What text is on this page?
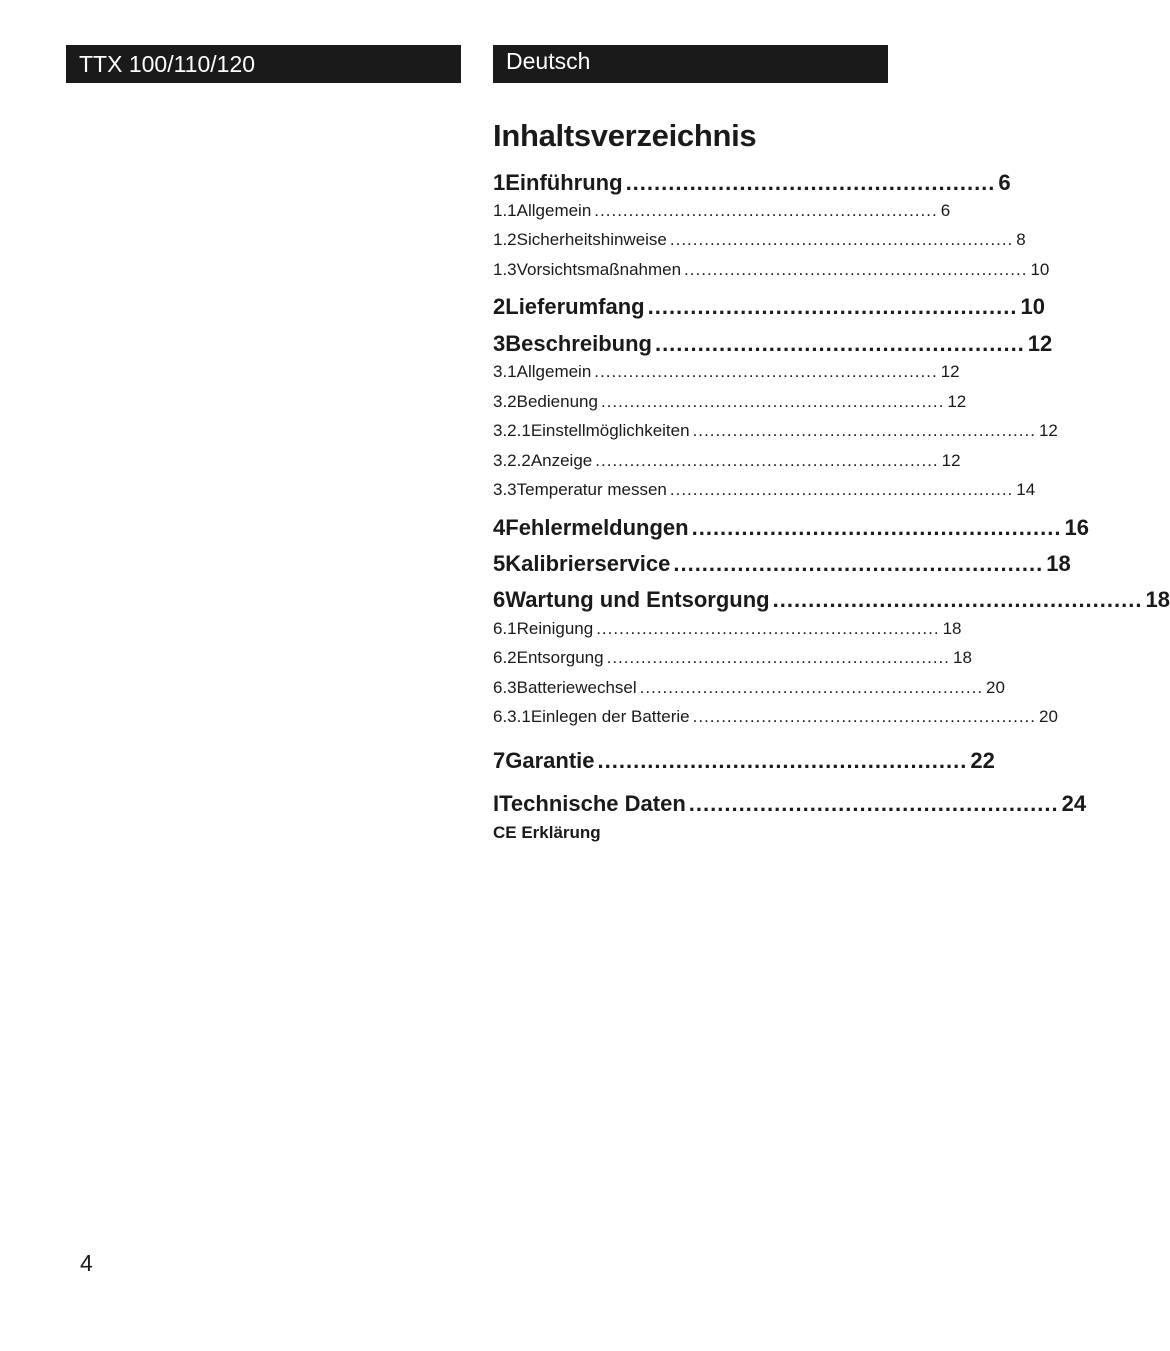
TTX 100/110/120	Deutsch
Inhaltsverzeichnis
1 Einführung .................................................... 6
1.1 Allgemein ............................................................ 6
1.2 Sicherheitshinweise ............................................................ 8
1.3 Vorsichtsmaßnahmen ............................................................ 10
2 Lieferumfang .................................................... 10
3 Beschreibung .................................................... 12
3.1 Allgemein ............................................................ 12
3.2 Bedienung ............................................................ 12
3.2.1 Einstellmöglichkeiten ............................................................ 12
3.2.2 Anzeige ............................................................ 12
3.3 Temperatur messen ............................................................ 14
4 Fehlermeldungen .................................................... 16
5 Kalibrierservice .................................................... 18
6 Wartung und Entsorgung .................................................... 18
6.1 Reinigung ............................................................ 18
6.2 Entsorgung ............................................................ 18
6.3 Batteriewechsel ............................................................ 20
6.3.1 Einlegen der Batterie ............................................................ 20
7 Garantie .................................................... 22
I Technische Daten .................................................... 24
CE Erklärung
4
